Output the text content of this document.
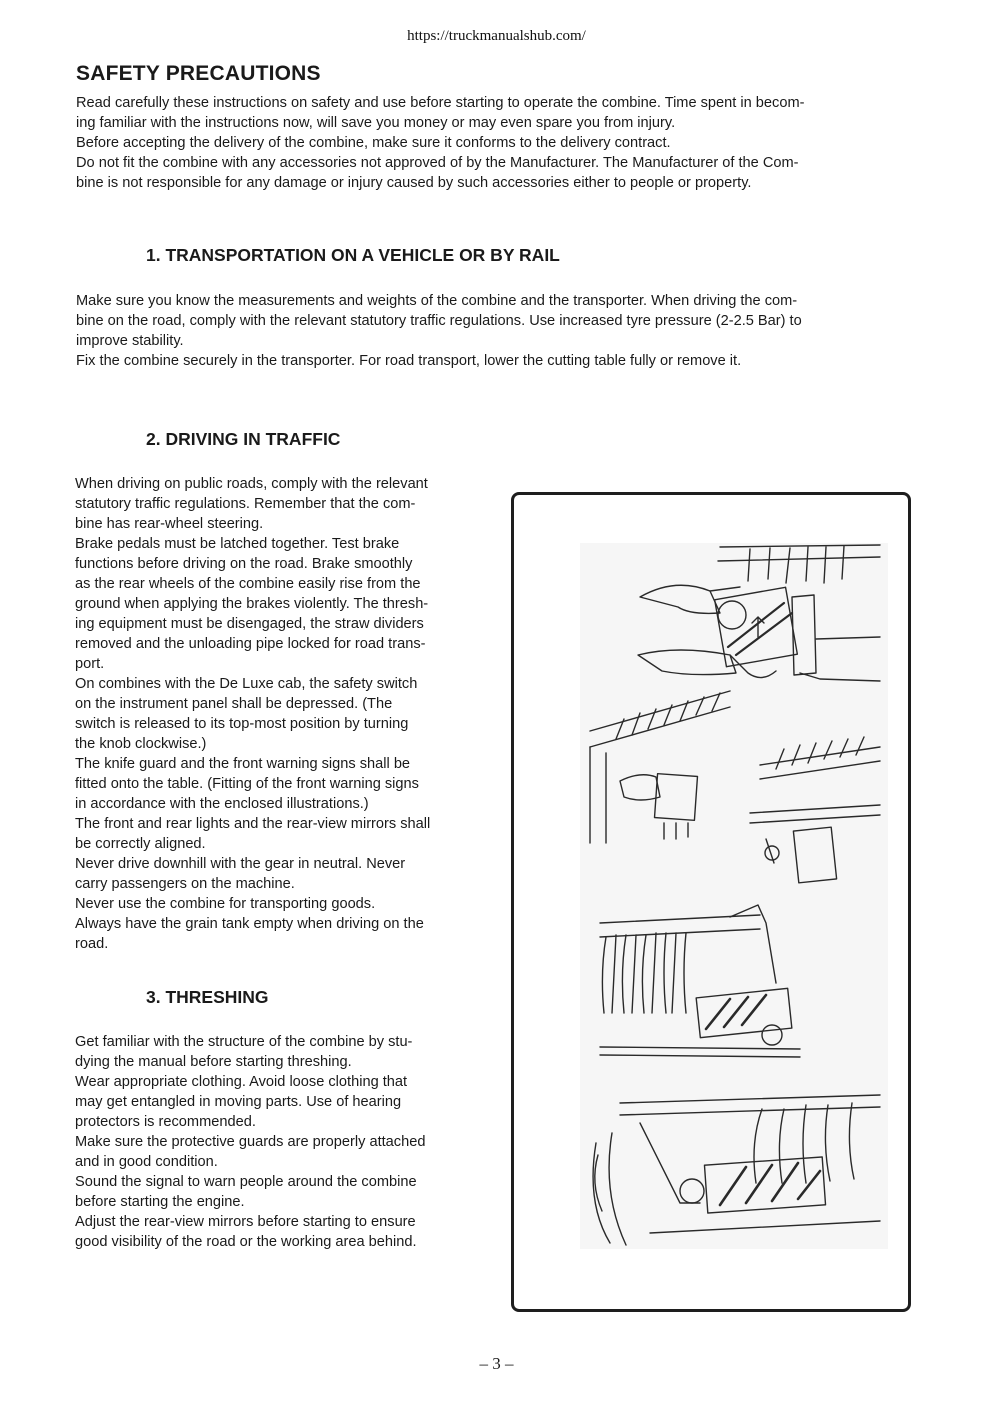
https://truckmanualshub.com/
SAFETY PRECAUTIONS

Read carefully these instructions on safety and use before starting to operate the combine. Time spent in becom-
ing familiar with the instructions now, will save you money or may even spare you from injury.
Before accepting the delivery of the combine, make sure it conforms to the delivery contract.
Do not fit the combine with any accessories not approved of by the Manufacturer. The Manufacturer of the Com-
bine is not responsible for any damage or injury caused by such accessories either to people or property.

1. TRANSPORTATION ON A VEHICLE OR BY RAIL

Make sure you know the measurements and weights of the combine and the transporter. When driving the com-
bine on the road, comply with the relevant statutory traffic regulations. Use increased tyre pressure (2-2.5 Bar) to
improve stability.
Fix the combine securely in the transporter. For road transport, lower the cutting table fully or remove it.

2. DRIVING IN TRAFFIC

When driving on public roads, comply with the relevant
statutory traffic regulations. Remember that the com-
bine has rear-wheel steering.
Brake pedals must be latched together. Test brake
functions before driving on the road. Brake smoothly
as the rear wheels of the combine easily rise from the
ground when applying the brakes violently. The thresh-
ing equipment must be disengaged, the straw dividers
removed and the unloading pipe locked for road trans-
port.
On combines with the De Luxe cab, the safety switch
on the instrument panel shall be depressed. (The
switch is released to its top-most position by turning
the knob clockwise.)
The knife guard and the front warning signs shall be
fitted onto the table. (Fitting of the front warning signs
in accordance with the enclosed illustrations.)
The front and rear lights and the rear-view mirrors shall
be correctly aligned.
Never drive downhill with the gear in neutral. Never
carry passengers on the machine.
Never use the combine for transporting goods.
Always have the grain tank empty when driving on the
road.

3. THRESHING

Get familiar with the structure of the combine by stu-
dying the manual before starting threshing.
Wear appropriate clothing. Avoid loose clothing that
may get entangled in moving parts. Use of hearing
protectors is recommended.
Make sure the protective guards are properly attached
and in good condition.
Sound the signal to warn people around the combine
before starting the engine.
Adjust the rear-view mirrors before starting to ensure
good visibility of the road or the working area behind.

– 3 –
